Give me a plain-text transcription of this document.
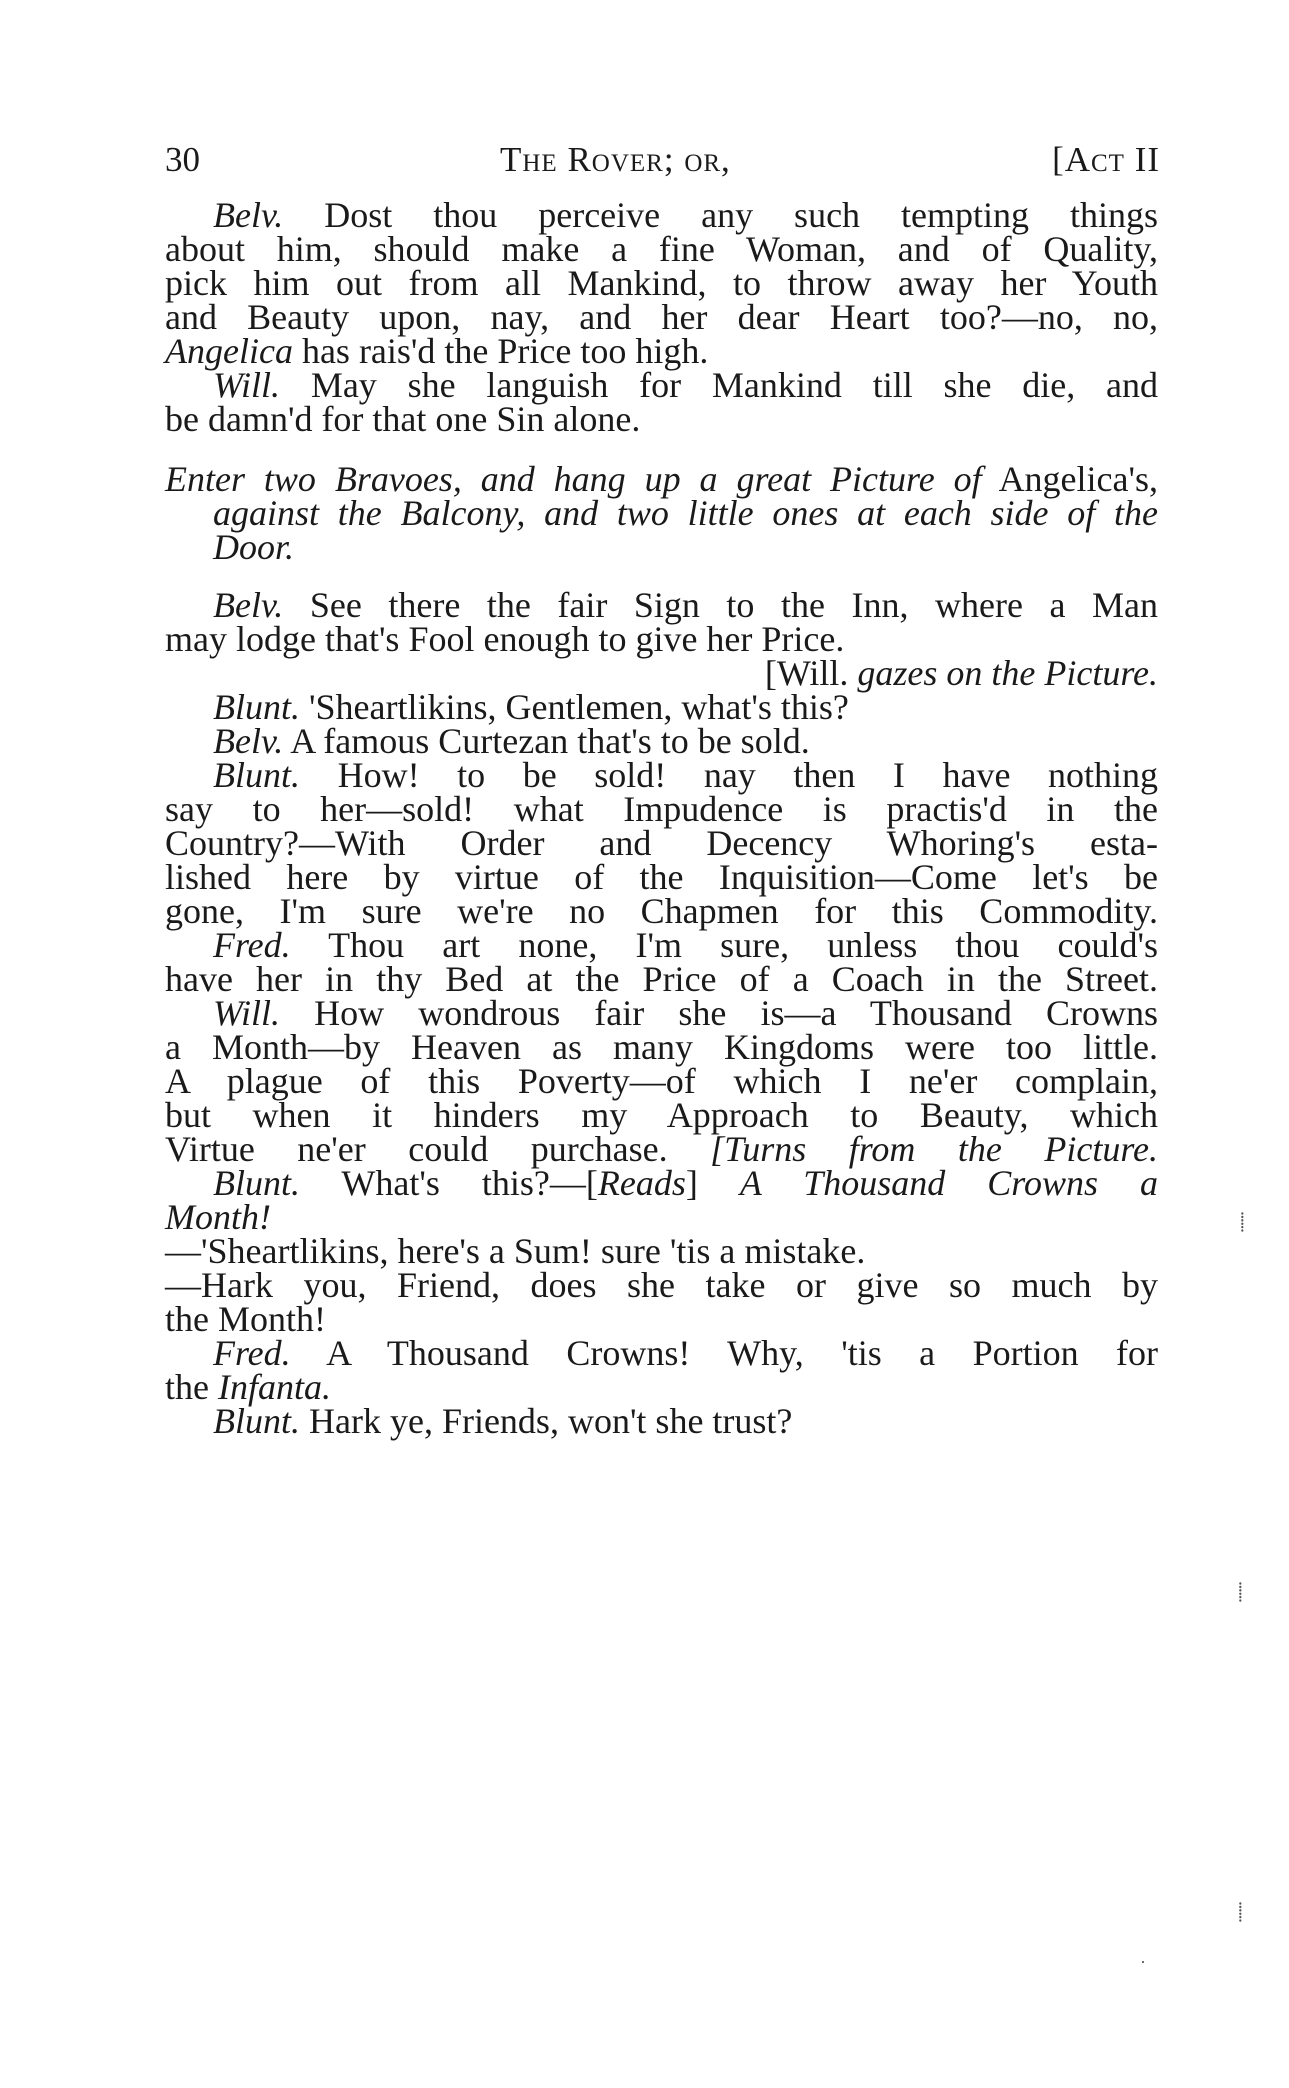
30	The Rover; or,	[Act II
Belv. Dost thou perceive any such tempting things
about him, should make a fine Woman, and of Quality,
pick him out from all Mankind, to throw away her Youth
and Beauty upon, nay, and her dear Heart too?—no, no,
Angelica has rais'd the Price too high.
Will. May she languish for Mankind till she die, and
be damn'd for that one Sin alone.
Enter two Bravoes, and hang up a great Picture of Angelica's,
against the Balcony, and two little ones at each side of the
Door.
Belv. See there the fair Sign to the Inn, where a Man
may lodge that's Fool enough to give her Price.
[Will. gazes on the Picture.
Blunt. 'Sheartlikins, Gentlemen, what's this?
Belv. A famous Curtezan that's to be sold.
Blunt. How! to be sold! nay then I have nothing
say to her—sold! what Impudence is practis'd in the
Country?—With Order and Decency Whoring's esta-
lished here by virtue of the Inquisition—Come let's be
gone, I'm sure we're no Chapmen for this Commodity.
Fred. Thou art none, I'm sure, unless thou could's
have her in thy Bed at the Price of a Coach in the Street.
Will. How wondrous fair she is—a Thousand Crowns
a Month—by Heaven as many Kingdoms were too little.
A plague of this Poverty—of which I ne'er complain,
but when it hinders my Approach to Beauty, which
Virtue ne'er could purchase. [Turns from the Picture.
Blunt. What's this?—[Reads] A Thousand Crowns a
Month!
—'Sheartlikins, here's a Sum! sure 'tis a mistake.
—Hark you, Friend, does she take or give so much by
the Month!
Fred. A Thousand Crowns! Why, 'tis a Portion for
the Infanta.
Blunt. Hark ye, Friends, won't she trust?
⸽
⸽
⸽
·
